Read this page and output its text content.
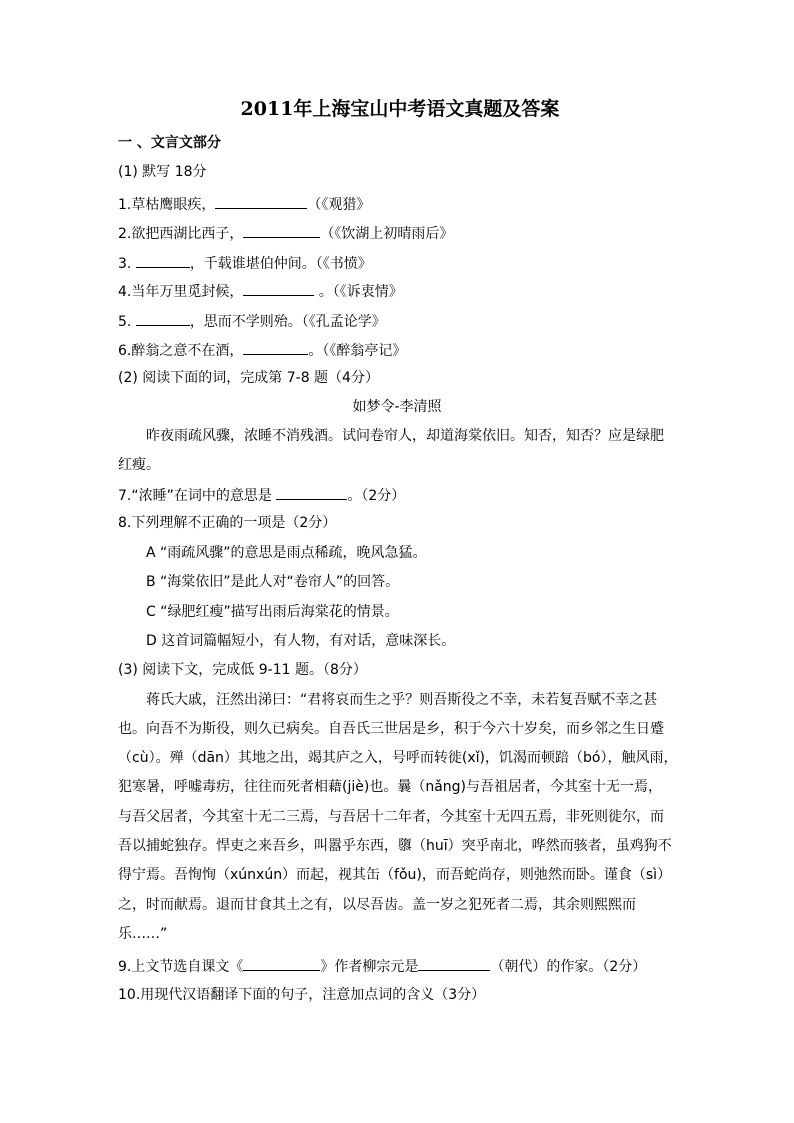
2011年上海宝山中考语文真题及答案
一 、文言文部分
(1) 默写 18分
1.草枯鹰眼疾，	（《观猎》
2.欲把西湖比西子，	（《饮湖上初晴雨后》
3.	，千载谁堪伯仲间。（《书愤》
4.当年万里觅封候，	。（《诉衷情》
5.	，思而不学则殆。（《孔孟论学》
6.醉翁之意不在酒，	。（《醉翁亭记》
(2) 阅读下面的词，完成第 7-8 题（4分）
如梦令-李清照
昨夜雨疏风骤，浓睡不消残酒。试问卷帘人，却道海棠依旧。知否，知否？应是绿肥
红瘦。
7.“浓睡”在词中的意思是	。（2分）
8.下列理解不正确的一项是（2分）
A “雨疏风骤”的意思是雨点稀疏，晚风急猛。
B “海棠依旧”是此人对“卷帘人”的回答。
C “绿肥红瘦”描写出雨后海棠花的情景。
D 这首词篇幅短小，有人物，有对话，意味深长。
(3) 阅读下文，完成低 9-11 题。（8分）
蒋氏大戚，汪然出涕曰：“君将哀而生之乎？则吾斯役之不幸，未若复吾赋不幸之甚
也。向吾不为斯役，则久已病矣。自吾氏三世居是乡，积于今六十岁矣，而乡邻之生日蹙
（cù）。殚（dān）其地之出，竭其庐之入，号呼而转徙(xǐ)，饥渴而顿踣（bó），触风雨，
犯寒暑，呼嘘毒疠，往往而死者相藉(jiè)也。曩（nǎng)与吾祖居者，今其室十无一焉，
与吾父居者，今其室十无二三焉，与吾居十二年者，今其室十无四五焉，非死则徙尔，而
吾以捕蛇独存。悍吏之来吾乡，叫嚣乎东西，隳（huī）突乎南北，哗然而骇者，虽鸡狗不
得宁焉。吾恂恂（xúnxún）而起，视其缶（fǒu)，而吾蛇尚存，则弛然而卧。谨食（sì）
之，时而献焉。退而甘食其土之有，以尽吾齿。盖一岁之犯死者二焉，其余则熙熙而
乐……”
9.上文节选自课文《	》作者柳宗元是	（朝代）的作家。（2分）
10.用现代汉语翻译下面的句子，注意加点词的含义（3分）
